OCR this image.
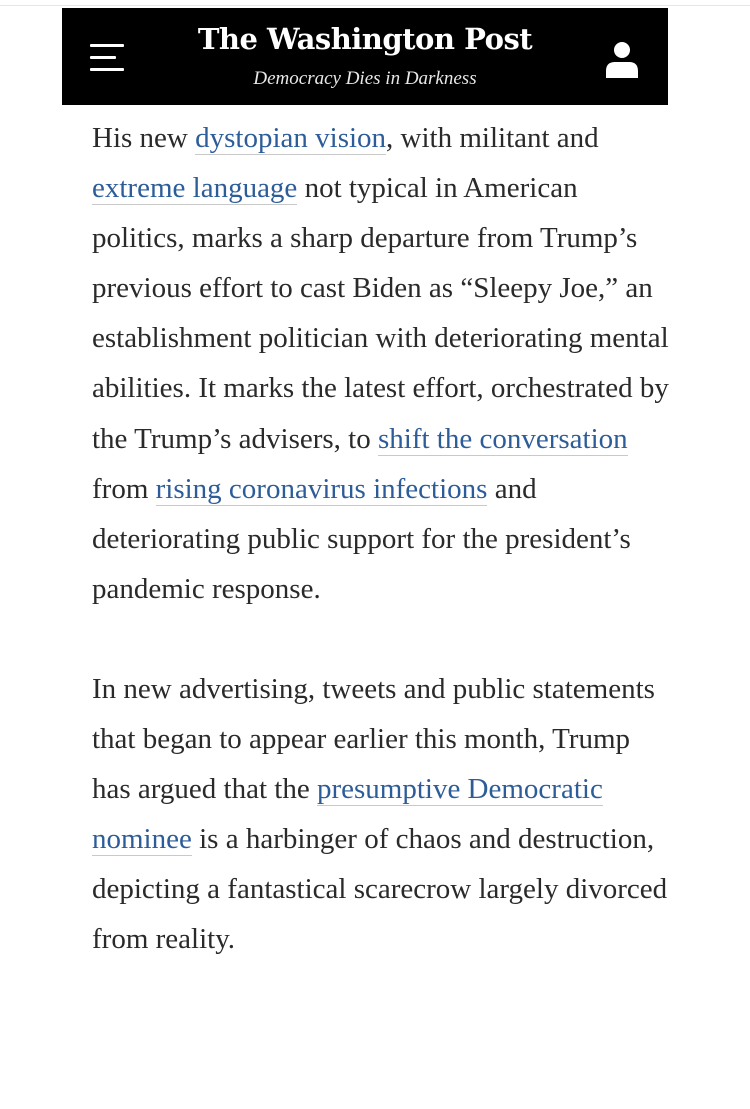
The Washington Post
Democracy Dies in Darkness

His new dystopian vision, with militant and extreme language not typical in American politics, marks a sharp departure from Trump’s previous effort to cast Biden as “Sleepy Joe,” an establishment politician with deteriorating mental abilities. It marks the latest effort, orchestrated by the Trump’s advisers, to shift the conversation from rising coronavirus infections and deteriorating public support for the president’s pandemic response.

In new advertising, tweets and public statements that began to appear earlier this month, Trump has argued that the presumptive Democratic nominee is a harbinger of chaos and destruction, depicting a fantastical scarecrow largely divorced from reality.
